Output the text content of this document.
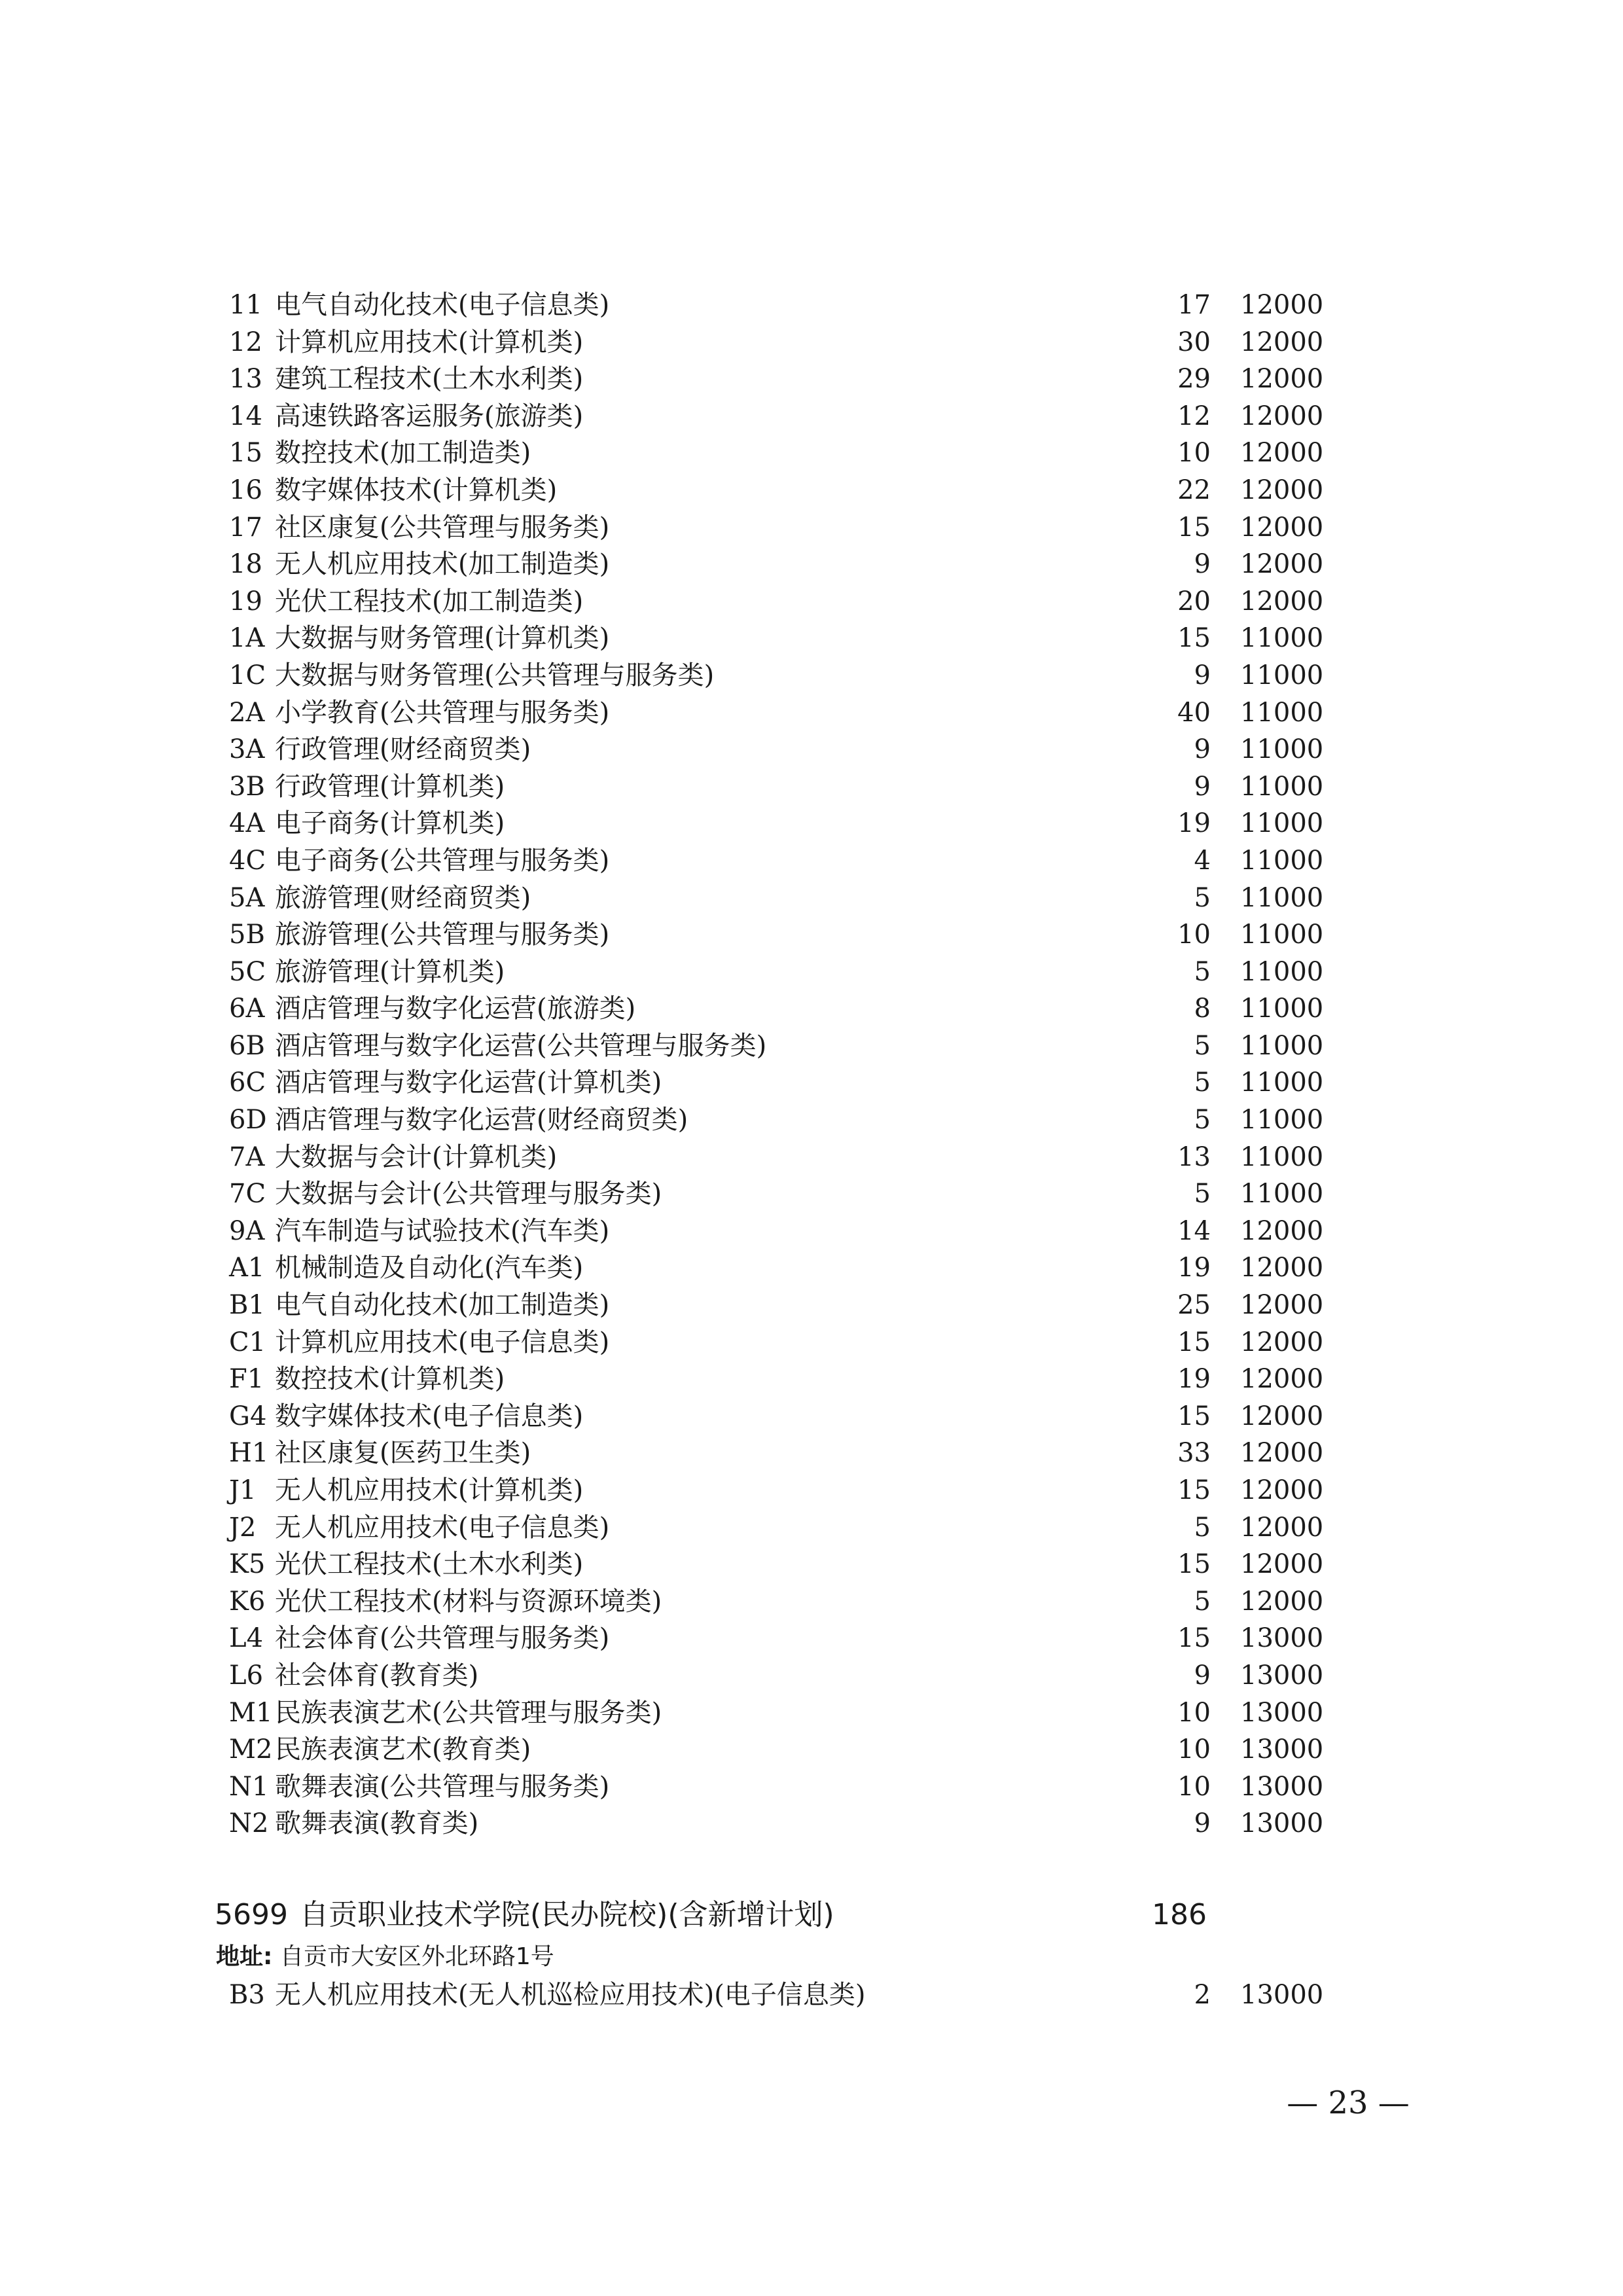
11 电气自动化技术(电子信息类)	17 12000
12 计算机应用技术(计算机类)	30 12000
13 建筑工程技术(土木水利类)	29 12000
14 高速铁路客运服务(旅游类)	12 12000
15 数控技术(加工制造类)	10 12000
16 数字媒体技术(计算机类)	22 12000
17 社区康复(公共管理与服务类)	15 12000
18 无人机应用技术(加工制造类)	9 12000
19 光伏工程技术(加工制造类)	20 12000
1A 大数据与财务管理(计算机类)	15 11000
1C 大数据与财务管理(公共管理与服务类)	9 11000
2A 小学教育(公共管理与服务类)	40 11000
3A 行政管理(财经商贸类)	9 11000
3B 行政管理(计算机类)	9 11000
4A 电子商务(计算机类)	19 11000
4C 电子商务(公共管理与服务类)	4 11000
5A 旅游管理(财经商贸类)	5 11000
5B 旅游管理(公共管理与服务类)	10 11000
5C 旅游管理(计算机类)	5 11000
6A 酒店管理与数字化运营(旅游类)	8 11000
6B 酒店管理与数字化运营(公共管理与服务类)	5 11000
6C 酒店管理与数字化运营(计算机类)	5 11000
6D 酒店管理与数字化运营(财经商贸类)	5 11000
7A 大数据与会计(计算机类)	13 11000
7C 大数据与会计(公共管理与服务类)	5 11000
9A 汽车制造与试验技术(汽车类)	14 12000
A1 机械制造及自动化(汽车类)	19 12000
B1 电气自动化技术(加工制造类)	25 12000
C1 计算机应用技术(电子信息类)	15 12000
F1 数控技术(计算机类)	19 12000
G4 数字媒体技术(电子信息类)	15 12000
H1 社区康复(医药卫生类)	33 12000
J1 无人机应用技术(计算机类)	15 12000
J2 无人机应用技术(电子信息类)	5 12000
K5 光伏工程技术(土木水利类)	15 12000
K6 光伏工程技术(材料与资源环境类)	5 12000
L4 社会体育(公共管理与服务类)	15 13000
L6 社会体育(教育类)	9 13000
M1 民族表演艺术(公共管理与服务类)	10 13000
M2 民族表演艺术(教育类)	10 13000
N1 歌舞表演(公共管理与服务类)	10 13000
N2 歌舞表演(教育类)	9 13000
5699 自贡职业技术学院(民办院校)(含新增计划)	186
地址: 自贡市大安区外北环路1号
B3 无人机应用技术(无人机巡检应用技术)(电子信息类)	2 13000
— 23 —
